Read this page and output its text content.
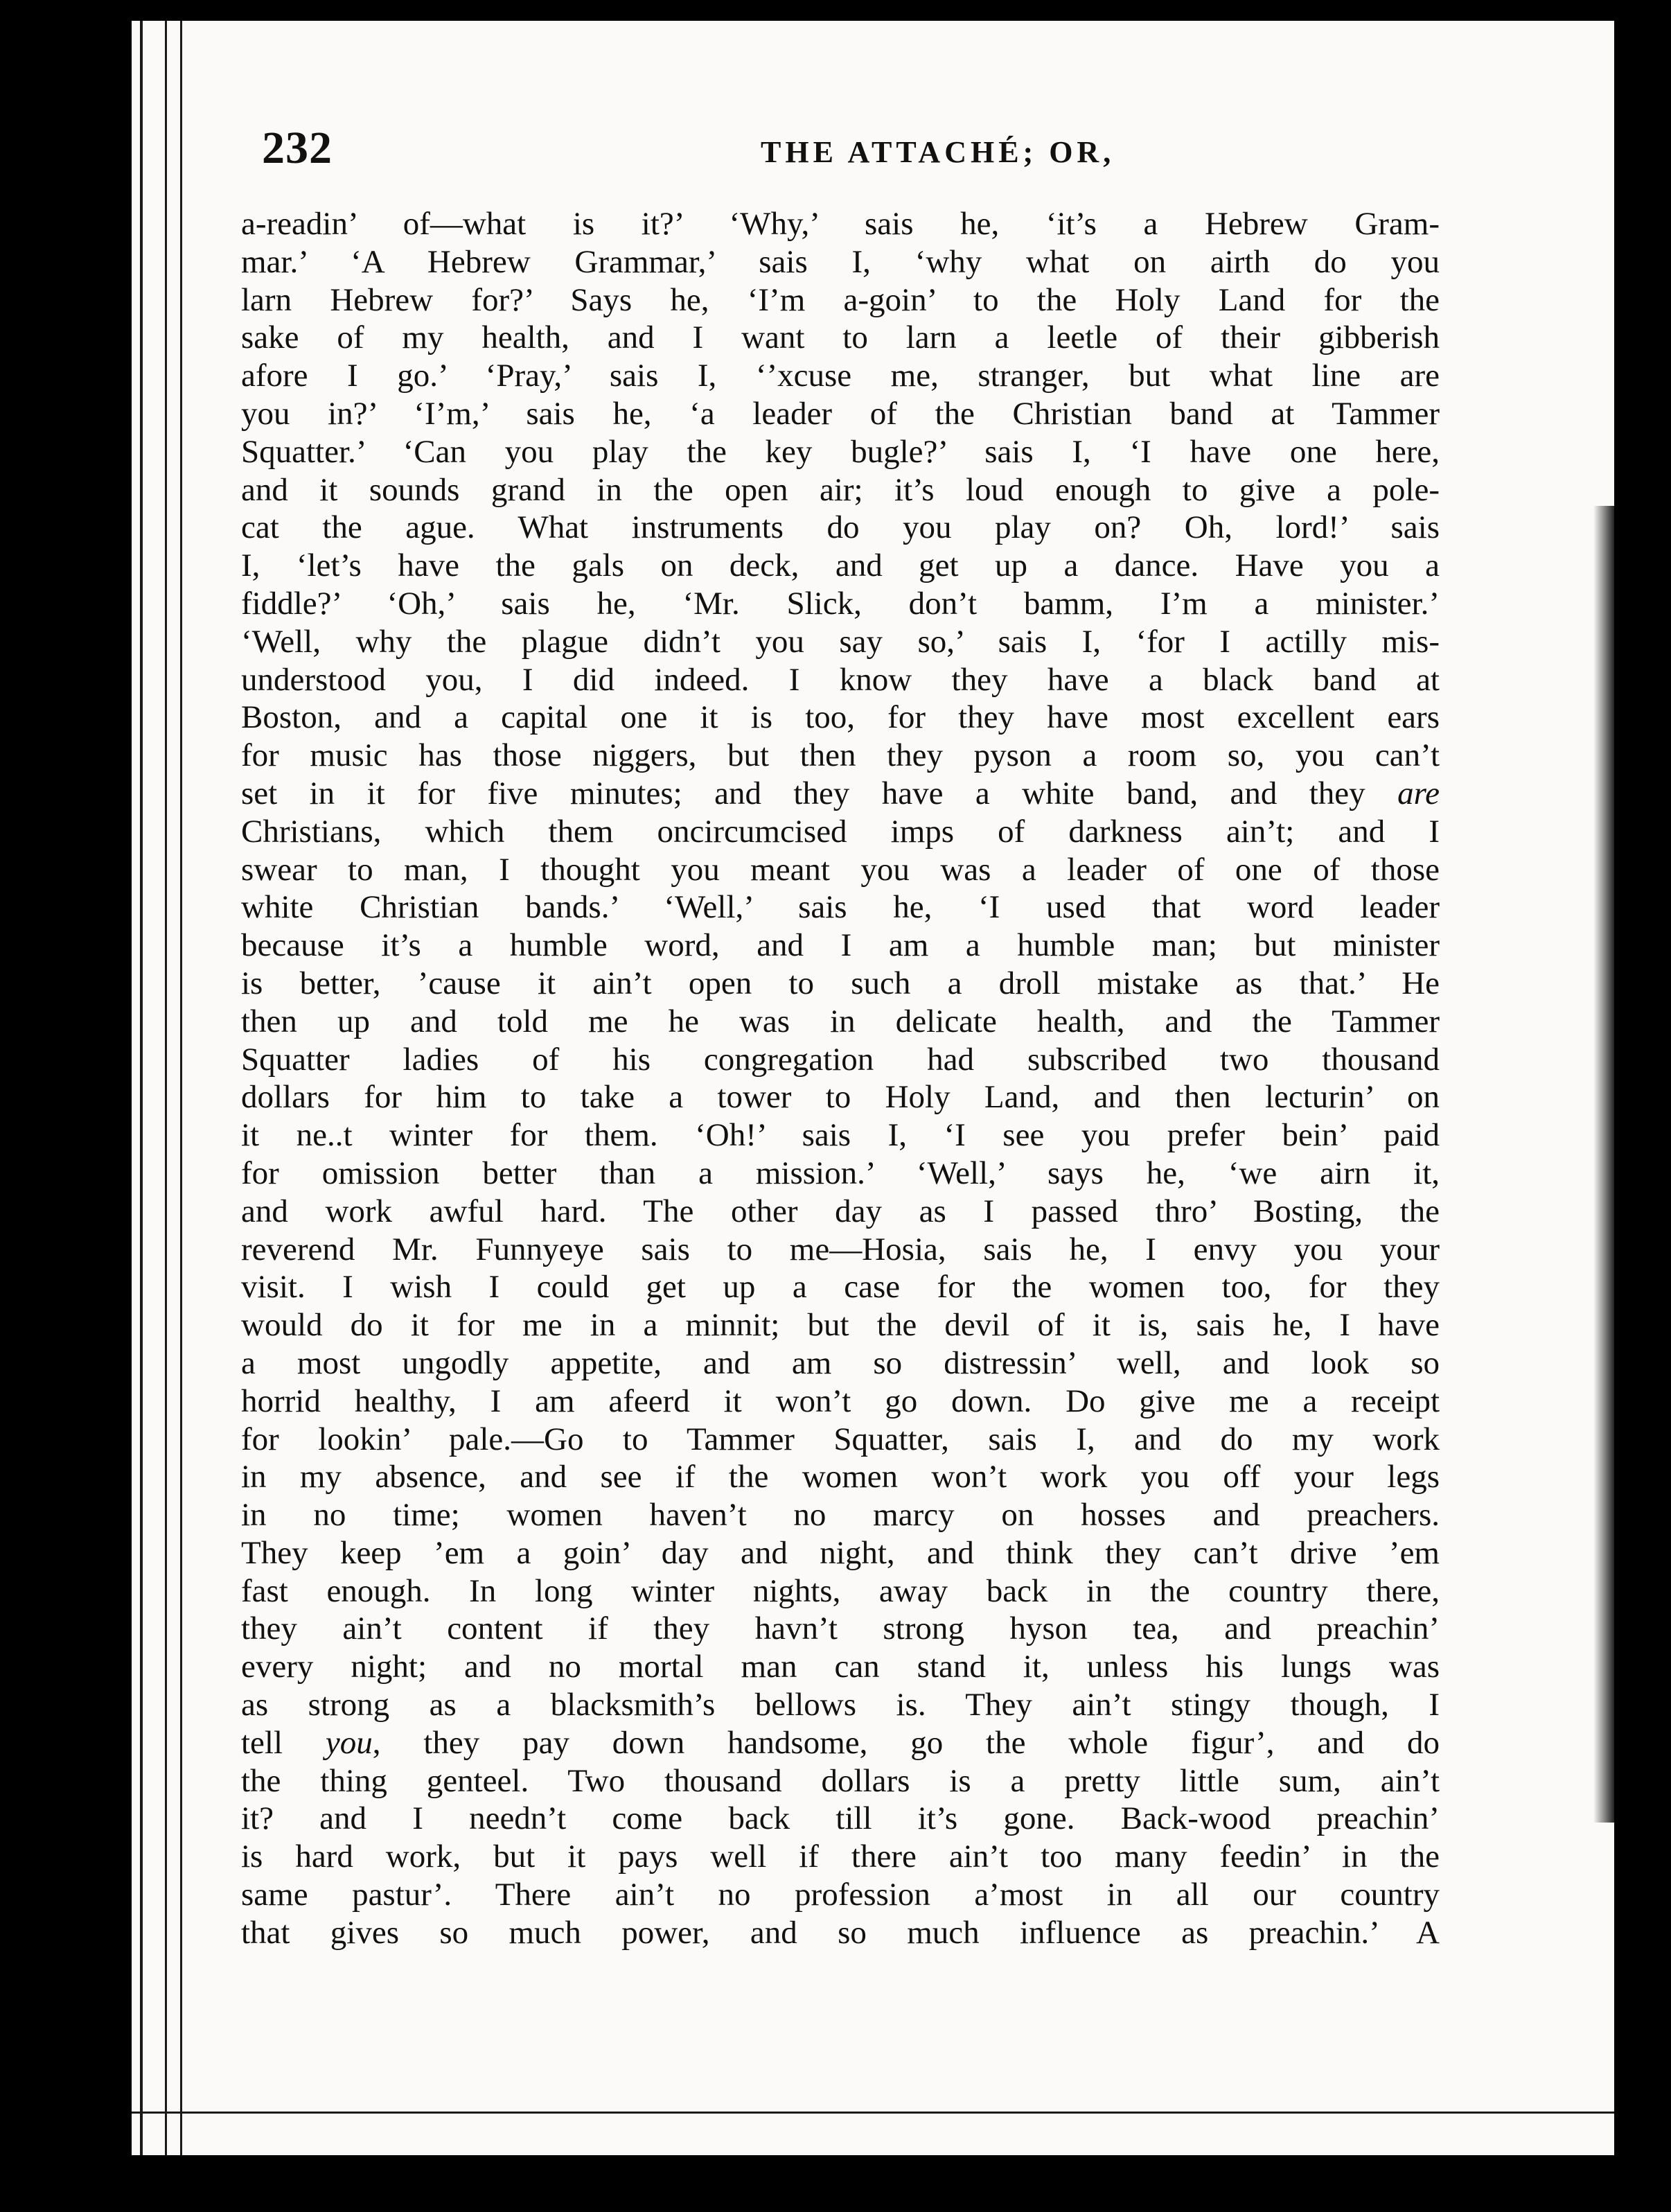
232	THE ATTACHÉ; OR,
a-readin’ of—what is it?’ ‘Why,’ sais he, ‘it’s a Hebrew Gram-
mar.’ ‘A Hebrew Grammar,’ sais I, ‘why what on airth do you
larn Hebrew for?’ Says he, ‘I’m a-goin’ to the Holy Land for the
sake of my health, and I want to larn a leetle of their gibberish
afore I go.’ ‘Pray,’ sais I, ‘’xcuse me, stranger, but what line are
you in?’ ‘I’m,’ sais he, ‘a leader of the Christian band at Tammer
Squatter.’ ‘Can you play the key bugle?’ sais I, ‘I have one here,
and it sounds grand in the open air; it’s loud enough to give a pole-
cat the ague. What instruments do you play on? Oh, lord!’ sais
I, ‘let’s have the gals on deck, and get up a dance. Have you a
fiddle?’ ‘Oh,’ sais he, ‘Mr. Slick, don’t bamm, I’m a minister.’
‘Well, why the plague didn’t you say so,’ sais I, ‘for I actilly mis-
understood you, I did indeed. I know they have a black band at
Boston, and a capital one it is too, for they have most excellent ears
for music has those niggers, but then they pyson a room so, you can’t
set in it for five minutes; and they have a white band, and they are
Christians, which them oncircumcised imps of darkness ain’t; and I
swear to man, I thought you meant you was a leader of one of those
white Christian bands.’ ‘Well,’ sais he, ‘I used that word leader
because it’s a humble word, and I am a humble man; but minister
is better, ’cause it ain’t open to such a droll mistake as that.’ He
then up and told me he was in delicate health, and the Tammer
Squatter ladies of his congregation had subscribed two thousand
dollars for him to take a tower to Holy Land, and then lecturin’ on
it ne..t winter for them. ‘Oh!’ sais I, ‘I see you prefer bein’ paid
for omission better than a mission.’ ‘Well,’ says he, ‘we airn it,
and work awful hard. The other day as I passed thro’ Bosting, the
reverend Mr. Funnyeye sais to me—Hosia, sais he, I envy you your
visit. I wish I could get up a case for the women too, for they
would do it for me in a minnit; but the devil of it is, sais he, I have
a most ungodly appetite, and am so distressin’ well, and look so
horrid healthy, I am afeerd it won’t go down. Do give me a receipt
for lookin’ pale.—Go to Tammer Squatter, sais I, and do my work
in my absence, and see if the women won’t work you off your legs
in no time; women haven’t no marcy on hosses and preachers.
They keep ’em a goin’ day and night, and think they can’t drive ’em
fast enough. In long winter nights, away back in the country there,
they ain’t content if they havn’t strong hyson tea, and preachin’
every night; and no mortal man can stand it, unless his lungs was
as strong as a blacksmith’s bellows is. They ain’t stingy though, I
tell you, they pay down handsome, go the whole figur’, and do
the thing genteel. Two thousand dollars is a pretty little sum, ain’t
it? and I needn’t come back till it’s gone. Back-wood preachin’
is hard work, but it pays well if there ain’t too many feedin’ in the
same pastur’. There ain’t no profession a’most in all our country
that gives so much power, and so much influence as preachin.’ A
